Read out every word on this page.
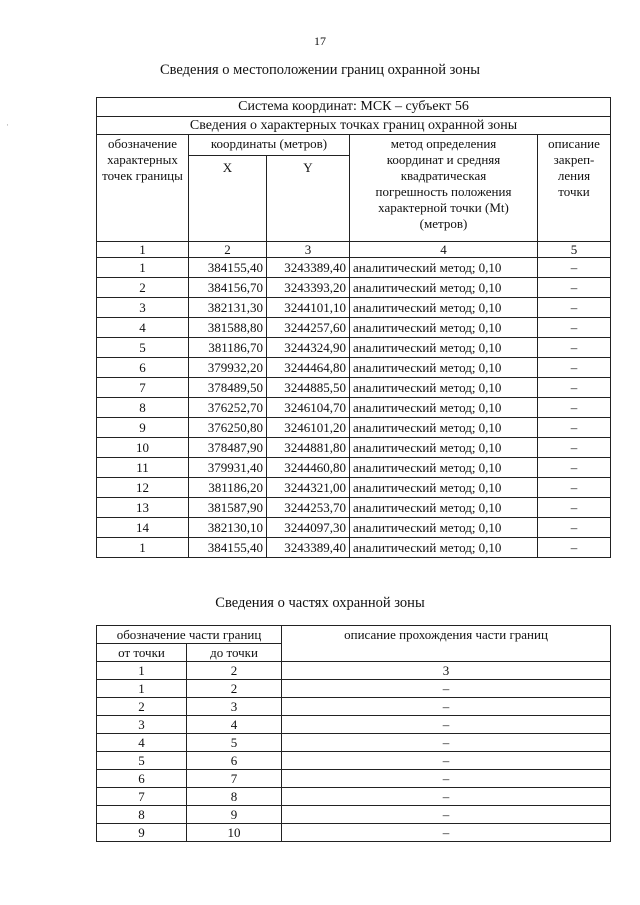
17
·
Сведения о местоположении границ охранной зоны
Система координат: МСК – субъект 56				
Сведения о характерных точках границ охранной зоны				
обозначение характерных точек границы	координаты (метров)		метод определения координат и средняя квадратическая погрешность положения характерной точки (Mt) (метров)	описание закреп-ления точки
	X	Y		
1	2	3	4	5
1	384155,40	3243389,40	аналитический метод; 0,10	–
2	384156,70	3243393,20	аналитический метод; 0,10	–
3	382131,30	3244101,10	аналитический метод; 0,10	–
4	381588,80	3244257,60	аналитический метод; 0,10	–
5	381186,70	3244324,90	аналитический метод; 0,10	–
6	379932,20	3244464,80	аналитический метод; 0,10	–
7	378489,50	3244885,50	аналитический метод; 0,10	–
8	376252,70	3246104,70	аналитический метод; 0,10	–
9	376250,80	3246101,20	аналитический метод; 0,10	–
10	378487,90	3244881,80	аналитический метод; 0,10	–
11	379931,40	3244460,80	аналитический метод; 0,10	–
12	381186,20	3244321,00	аналитический метод; 0,10	–
13	381587,90	3244253,70	аналитический метод; 0,10	–
14	382130,10	3244097,30	аналитический метод; 0,10	–
1	384155,40	3243389,40	аналитический метод; 0,10	–
Сведения о частях охранной зоны
обозначение части границ		описание прохождения части границ
от точки	до точки	
1	2	3
1	2	–
2	3	–
3	4	–
4	5	–
5	6	–
6	7	–
7	8	–
8	9	–
9	10	–
